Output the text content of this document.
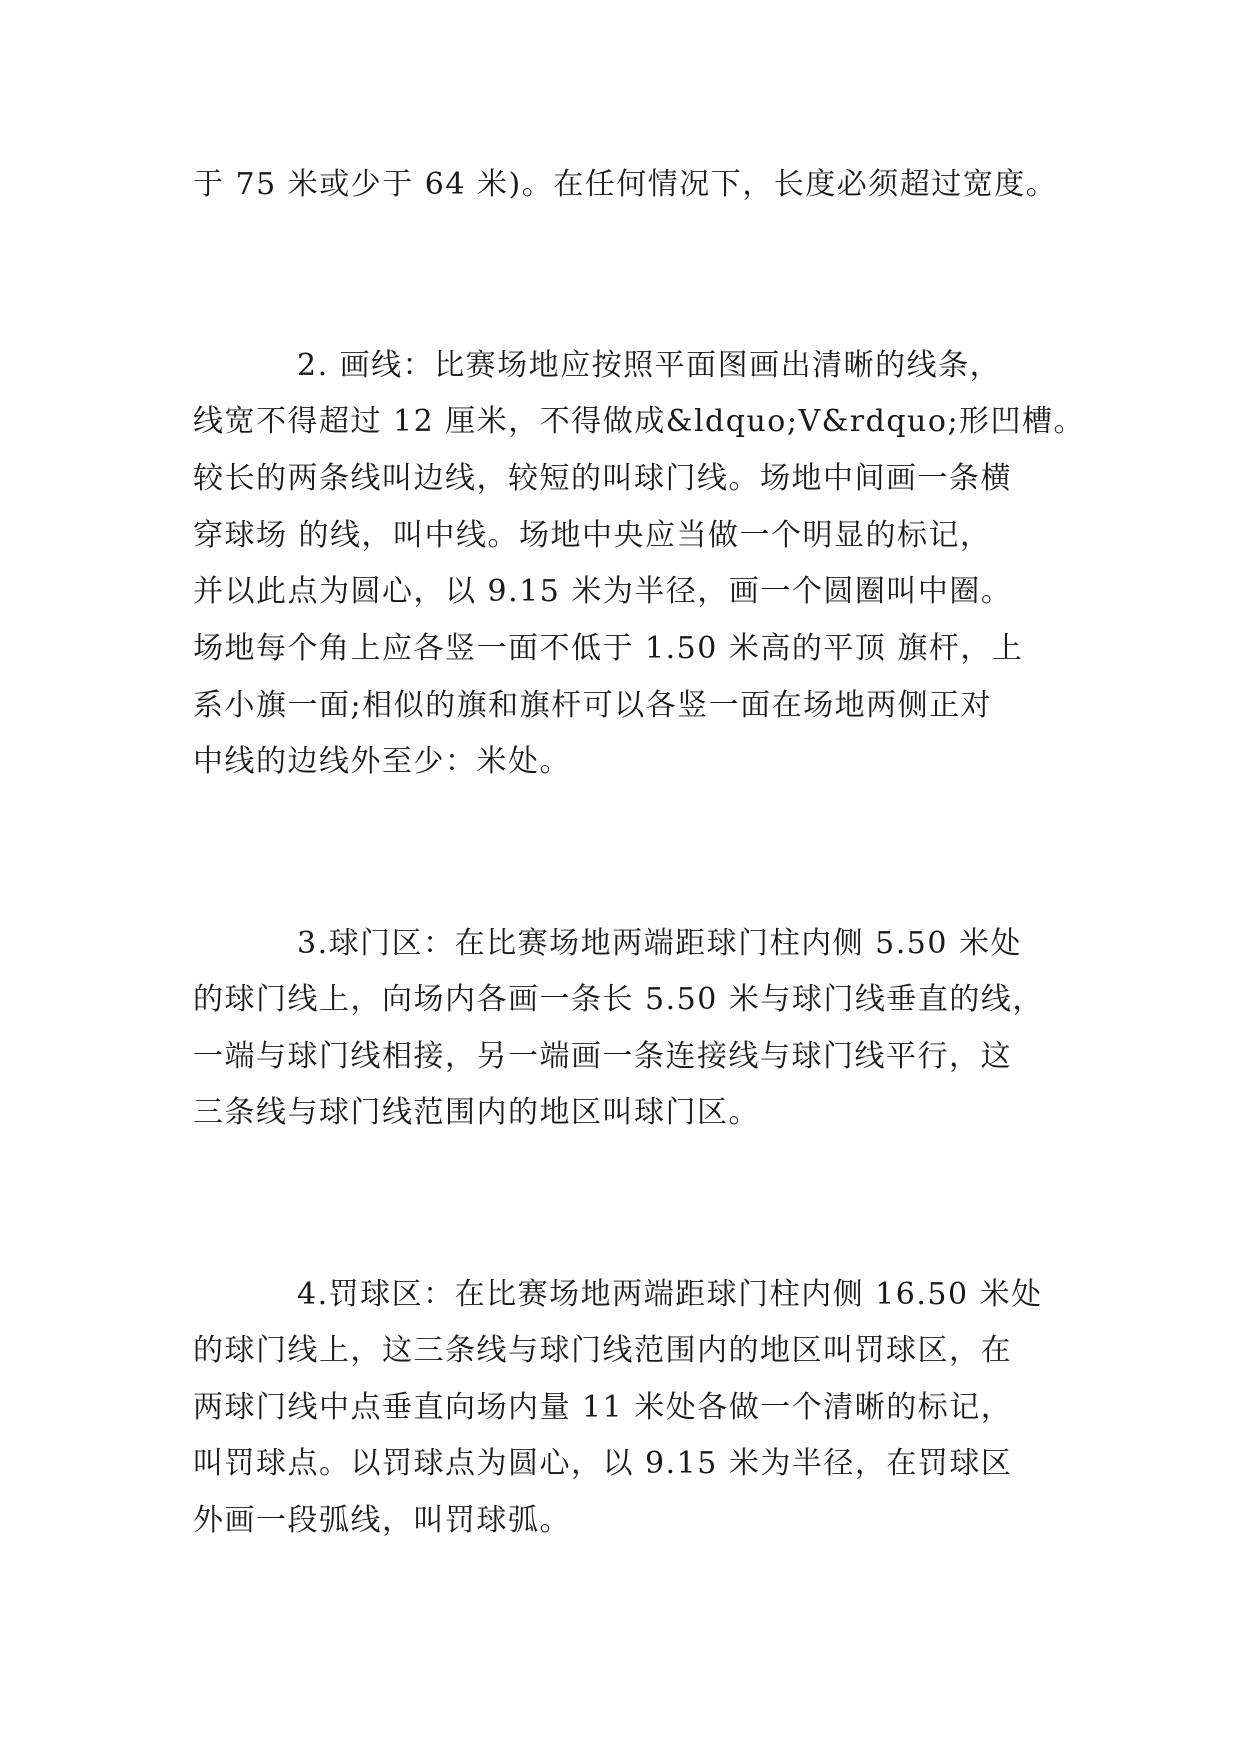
于 75 米或少于 64 米)。在任何情况下，长度必须超过宽度。
2. 画线：比赛场地应按照平面图画出清晰的线条，
线宽不得超过 12 厘米，不得做成&ldquo;V&rdquo;形凹槽。
较长的两条线叫边线，较短的叫球门线。场地中间画一条横
穿球场 的线，叫中线。场地中央应当做一个明显的标记，
并以此点为圆心，以 9.15 米为半径，画一个圆圈叫中圈。
场地每个角上应各竖一面不低于 1.50 米高的平顶 旗杆，上
系小旗一面;相似的旗和旗杆可以各竖一面在场地两侧正对
中线的边线外至少：米处。
3.球门区：在比赛场地两端距球门柱内侧 5.50 米处
的球门线上，向场内各画一条长 5.50 米与球门线垂直的线，
一端与球门线相接，另一端画一条连接线与球门线平行，这
三条线与球门线范围内的地区叫球门区。
4.罚球区：在比赛场地两端距球门柱内侧 16.50 米处
的球门线上，这三条线与球门线范围内的地区叫罚球区，在
两球门线中点垂直向场内量 11 米处各做一个清晰的标记，
叫罚球点。以罚球点为圆心，以 9.15 米为半径，在罚球区
外画一段弧线，叫罚球弧。
